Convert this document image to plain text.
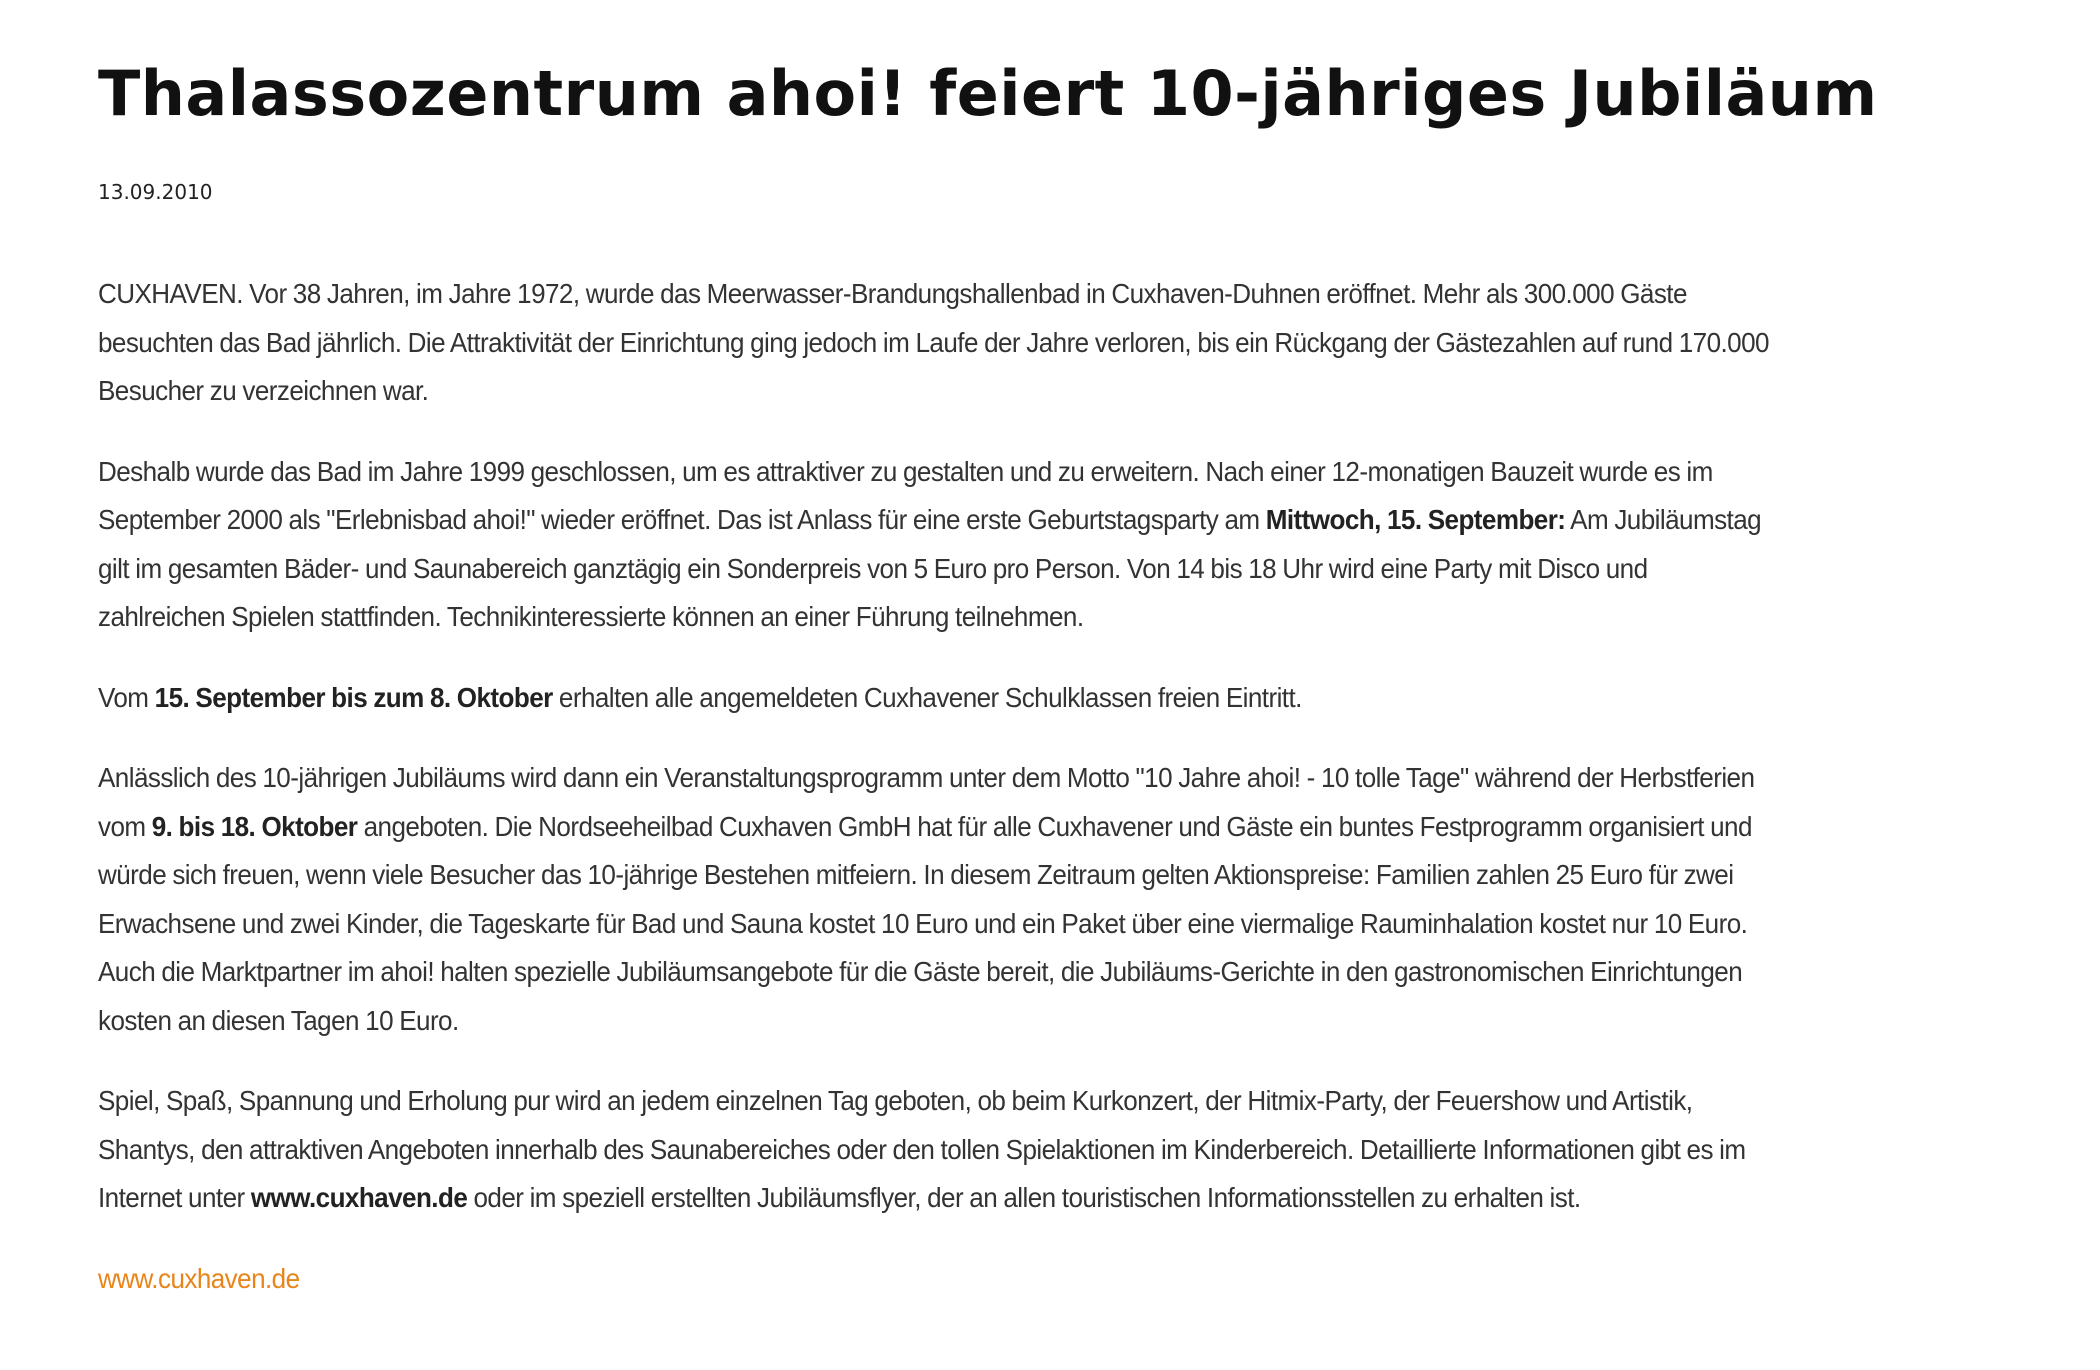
Thalassozentrum ahoi! feiert 10-jähriges Jubiläum
13.09.2010

CUXHAVEN. Vor 38 Jahren, im Jahre 1972, wurde das Meerwasser-Brandungshallenbad in Cuxhaven-Duhnen eröffnet. Mehr als 300.000 Gäste besuchten das Bad jährlich. Die Attraktivität der Einrichtung ging jedoch im Laufe der Jahre verloren, bis ein Rückgang der Gästezahlen auf rund 170.000 Besucher zu verzeichnen war.

Deshalb wurde das Bad im Jahre 1999 geschlossen, um es attraktiver zu gestalten und zu erweitern. Nach einer 12-monatigen Bauzeit wurde es im September 2000 als "Erlebnisbad ahoi!" wieder eröffnet. Das ist Anlass für eine erste Geburtstagsparty am Mittwoch, 15. September: Am Jubiläumstag gilt im gesamten Bäder- und Saunabereich ganztägig ein Sonderpreis von 5 Euro pro Person. Von 14 bis 18 Uhr wird eine Party mit Disco und zahlreichen Spielen stattfinden. Technikinteressierte können an einer Führung teilnehmen.

Vom 15. September bis zum 8. Oktober erhalten alle angemeldeten Cuxhavener Schulklassen freien Eintritt.

Anlässlich des 10-jährigen Jubiläums wird dann ein Veranstaltungsprogramm unter dem Motto "10 Jahre ahoi! - 10 tolle Tage" während der Herbstferien vom 9. bis 18. Oktober angeboten. Die Nordseeheilbad Cuxhaven GmbH hat für alle Cuxhavener und Gäste ein buntes Festprogramm organisiert und würde sich freuen, wenn viele Besucher das 10-jährige Bestehen mitfeiern. In diesem Zeitraum gelten Aktionspreise: Familien zahlen 25 Euro für zwei Erwachsene und zwei Kinder, die Tageskarte für Bad und Sauna kostet 10 Euro und ein Paket über eine viermalige Rauminhalation kostet nur 10 Euro. Auch die Marktpartner im ahoi! halten spezielle Jubiläumsangebote für die Gäste bereit, die Jubiläums-Gerichte in den gastronomischen Einrichtungen kosten an diesen Tagen 10 Euro.

Spiel, Spaß, Spannung und Erholung pur wird an jedem einzelnen Tag geboten, ob beim Kurkonzert, der Hitmix-Party, der Feuershow und Artistik, Shantys, den attraktiven Angeboten innerhalb des Saunabereiches oder den tollen Spielaktionen im Kinderbereich. Detaillierte Informationen gibt es im Internet unter www.cuxhaven.de oder im speziell erstellten Jubiläumsflyer, der an allen touristischen Informationsstellen zu erhalten ist.

www.cuxhaven.de
